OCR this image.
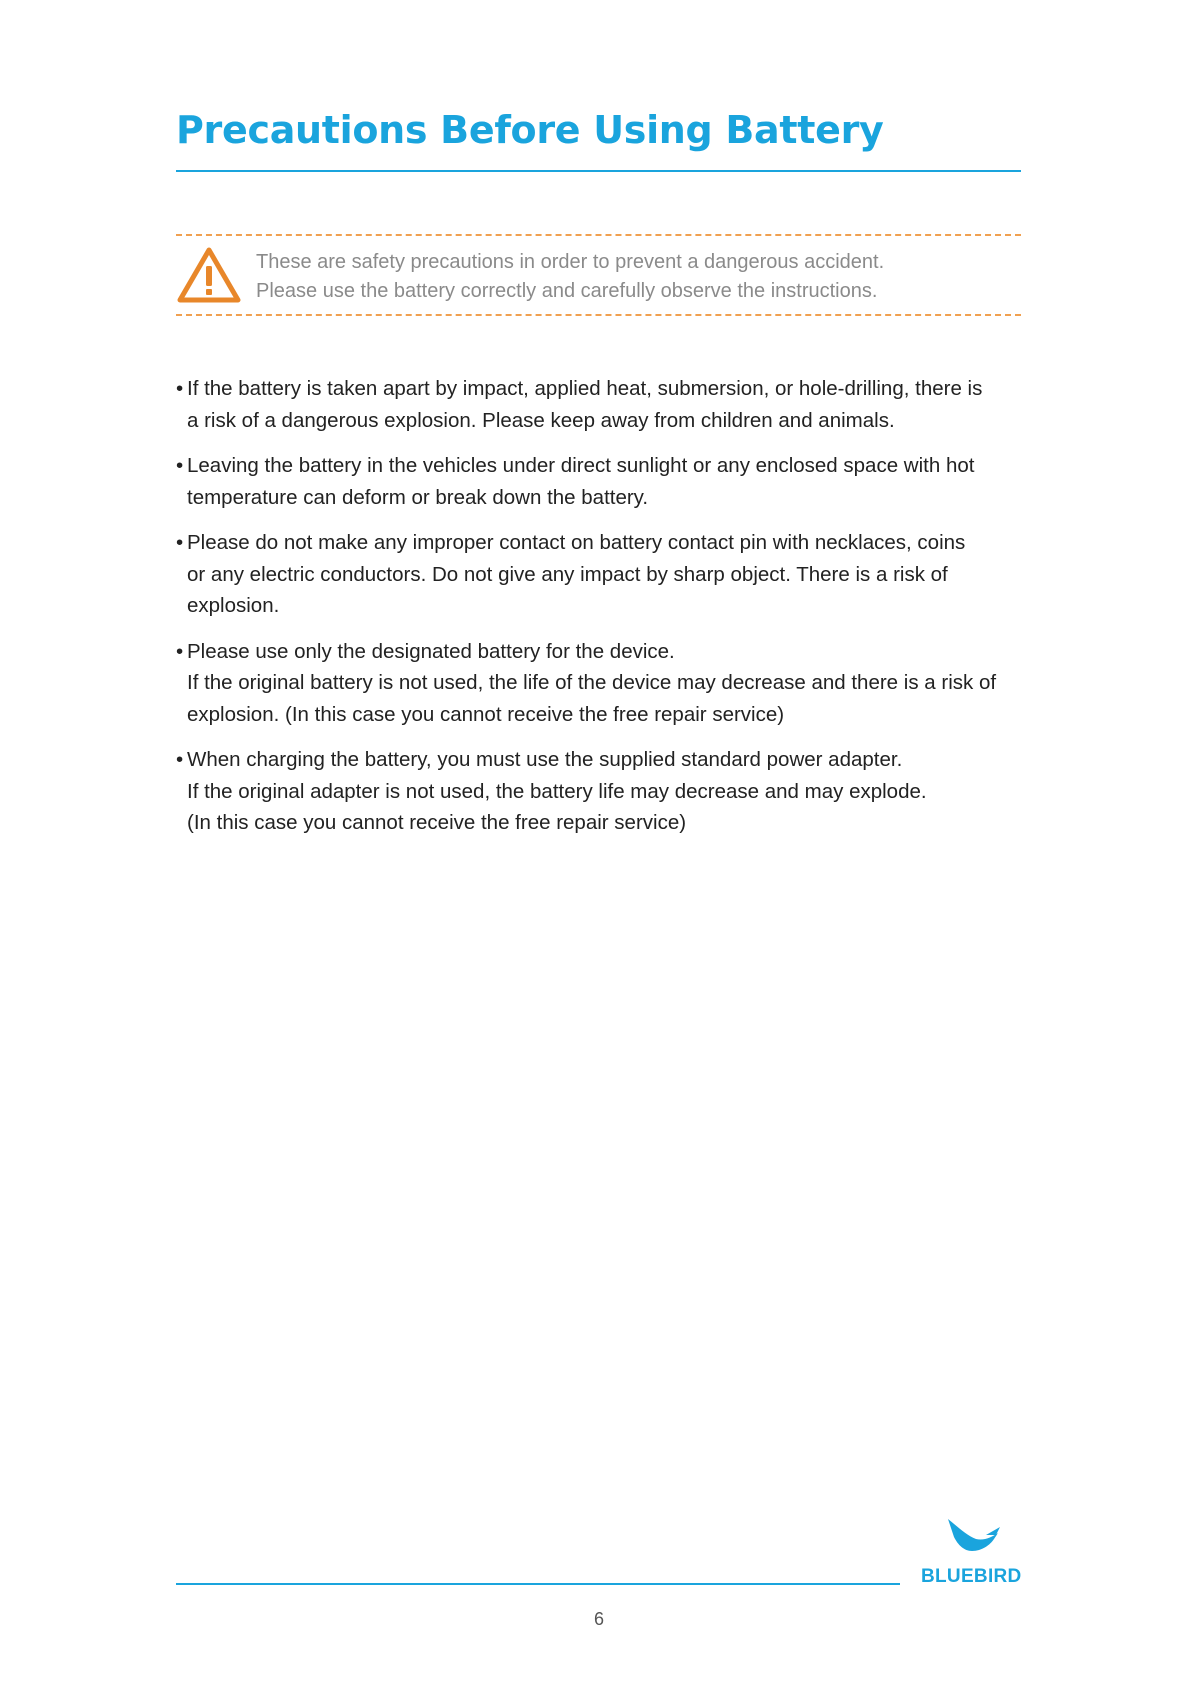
Precautions Before Using Battery
These are safety precautions in order to prevent a dangerous accident.
Please use the battery correctly and carefully observe the instructions.
• If the battery is taken apart by impact, applied heat, submersion, or hole-drilling, there is
a risk of a dangerous explosion. Please keep away from children and animals.
• Leaving the battery in the vehicles under direct sunlight or any enclosed space with hot
temperature can deform or break down the battery.
• Please do not make any improper contact on battery contact pin with necklaces, coins
or any electric conductors. Do not give any impact by sharp object. There is a risk of
explosion.
• Please use only the designated battery for the device.
If the original battery is not used, the life of the device may decrease and there is a risk of
explosion. (In this case you cannot receive the free repair service)
• When charging the battery, you must use the supplied standard power adapter.
If the original adapter is not used, the battery life may decrease and may explode.
(In this case you cannot receive the free repair service)
BLUEBIRD
6
